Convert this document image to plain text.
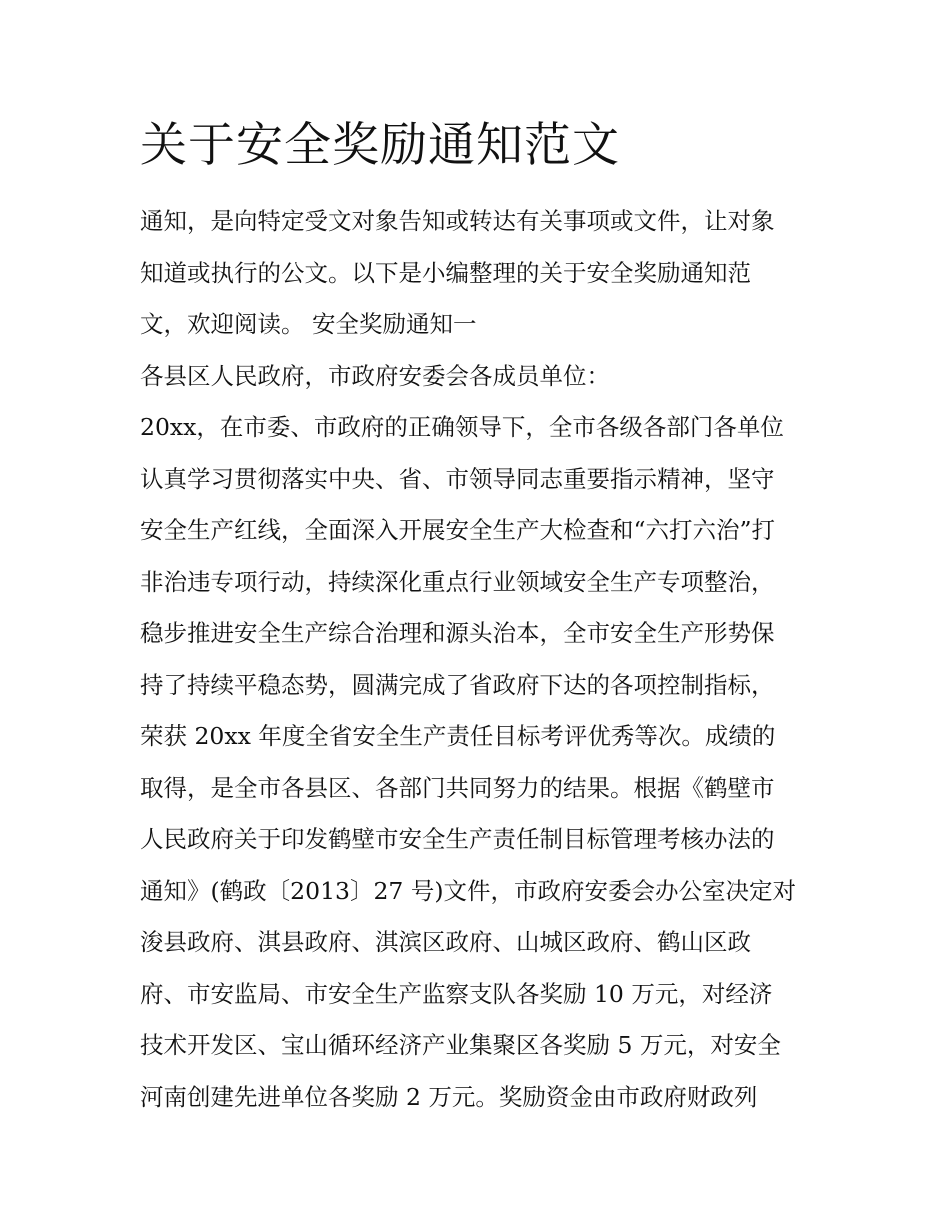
关于安全奖励通知范文
通知，是向特定受文对象告知或转达有关事项或文件，让对象
知道或执行的公文。以下是小编整理的关于安全奖励通知范
文，欢迎阅读。 安全奖励通知一
各县区人民政府，市政府安委会各成员单位：
20xx，在市委、市政府的正确领导下，全市各级各部门各单位
认真学习贯彻落实中央、省、市领导同志重要指示精神，坚守
安全生产红线，全面深入开展安全生产大检查和“六打六治”打
非治违专项行动，持续深化重点行业领域安全生产专项整治，
稳步推进安全生产综合治理和源头治本，全市安全生产形势保
持了持续平稳态势，圆满完成了省政府下达的各项控制指标，
荣获 20xx 年度全省安全生产责任目标考评优秀等次。成绩的
取得，是全市各县区、各部门共同努力的结果。根据《鹤壁市
人民政府关于印发鹤壁市安全生产责任制目标管理考核办法的
通知》(鹤政〔2013〕27 号)文件，市政府安委会办公室决定对
浚县政府、淇县政府、淇滨区政府、山城区政府、鹤山区政
府、市安监局、市安全生产监察支队各奖励 10 万元，对经济
技术开发区、宝山循环经济产业集聚区各奖励 5 万元，对安全
河南创建先进单位各奖励 2 万元。奖励资金由市政府财政列
